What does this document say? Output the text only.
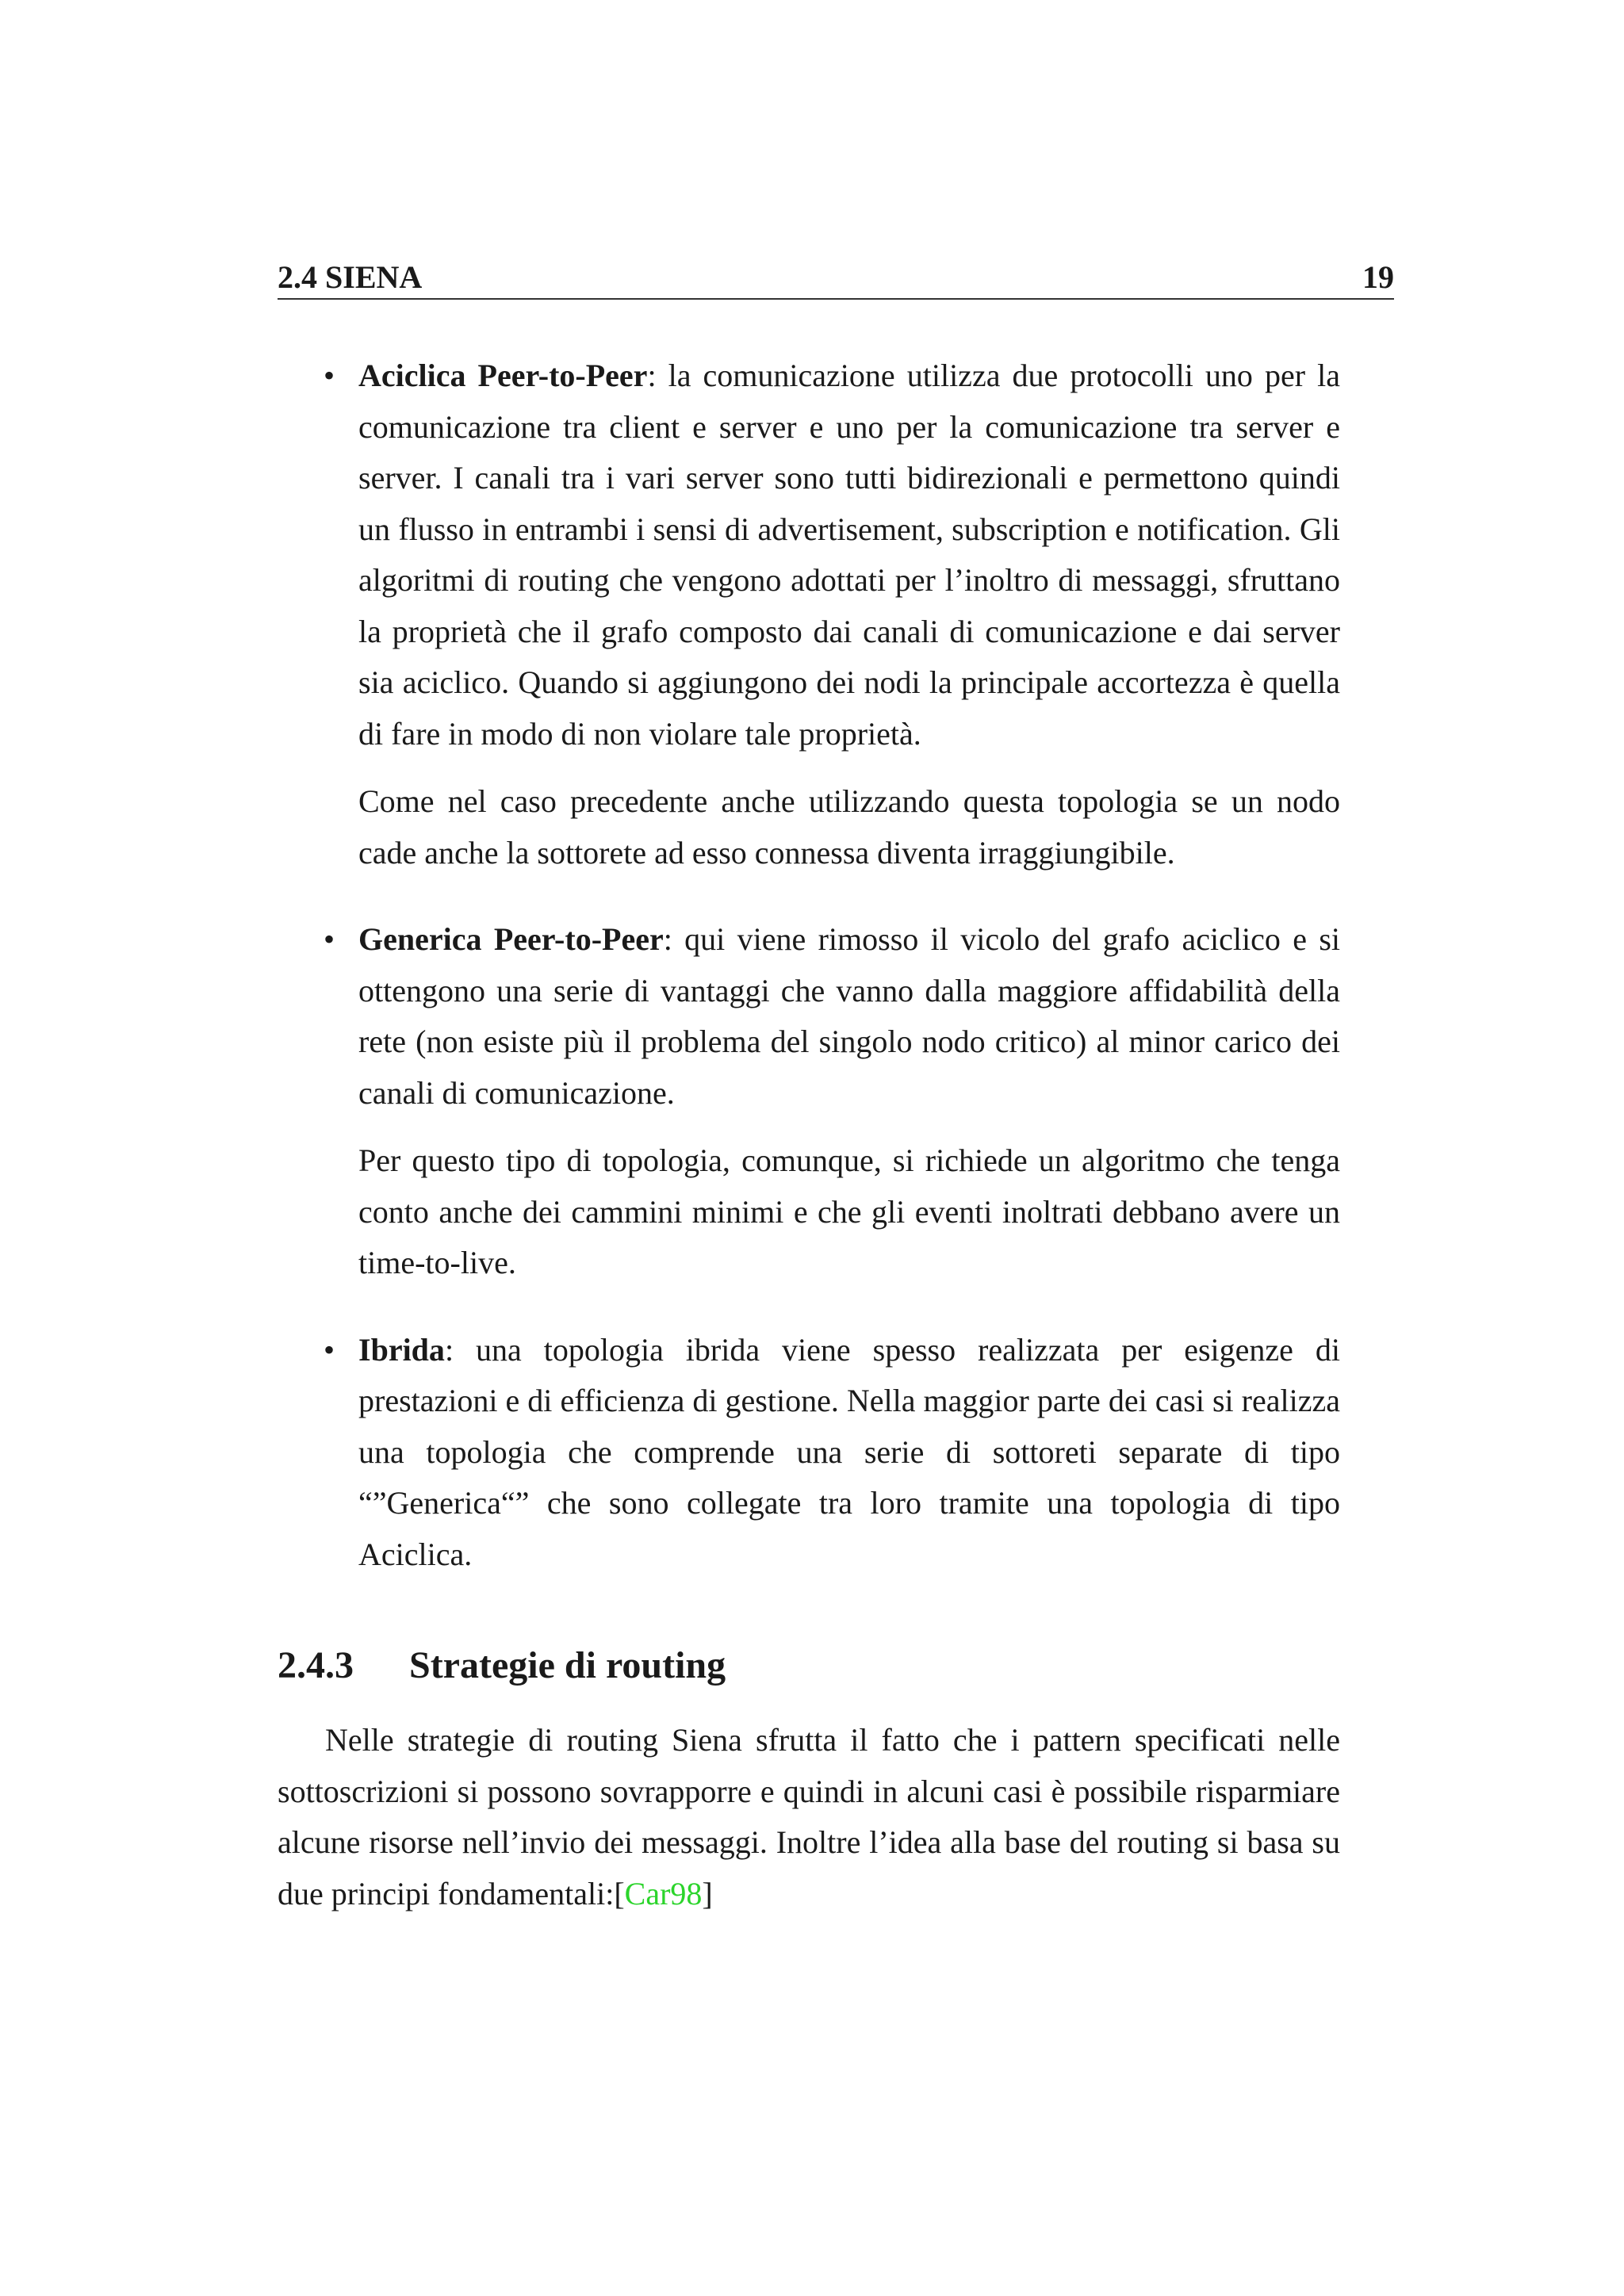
2.4 SIENA	19
• Aciclica Peer-to-Peer: la comunicazione utilizza due protocolli uno per la comunicazione tra client e server e uno per la comunicazione tra server e server. I canali tra i vari server sono tutti bidirezionali e permettono quindi un flusso in entrambi i sensi di advertisement, subscription e notification. Gli algoritmi di routing che vengono adottati per l’inoltro di messaggi, sfruttano la proprietà che il grafo composto dai canali di comunicazione e dai server sia aciclico. Quando si aggiungono dei nodi la principale accortezza è quella di fare in modo di non violare tale proprietà.

Come nel caso precedente anche utilizzando questa topologia se un nodo cade anche la sottorete ad esso connessa diventa irraggiungibile.

• Generica Peer-to-Peer: qui viene rimosso il vicolo del grafo aciclico e si ottengono una serie di vantaggi che vanno dalla maggiore affidabilità della rete (non esiste più il problema del singolo nodo critico) al minor carico dei canali di comunicazione.

Per questo tipo di topologia, comunque, si richiede un algoritmo che tenga conto anche dei cammini minimi e che gli eventi inoltrati debbano avere un time-to-live.

• Ibrida: una topologia ibrida viene spesso realizzata per esigenze di prestazioni e di efficienza di gestione. Nella maggior parte dei casi si realizza una topologia che comprende una serie di sottoreti separate di tipo “”Generica“” che sono collegate tra loro tramite una topologia di tipo Aciclica.

2.4.3 Strategie di routing

Nelle strategie di routing Siena sfrutta il fatto che i pattern specificati nelle sottoscrizioni si possono sovrapporre e quindi in alcuni casi è possibile risparmiare alcune risorse nell’invio dei messaggi. Inoltre l’idea alla base del routing si basa su due principi fondamentali:[Car98]
